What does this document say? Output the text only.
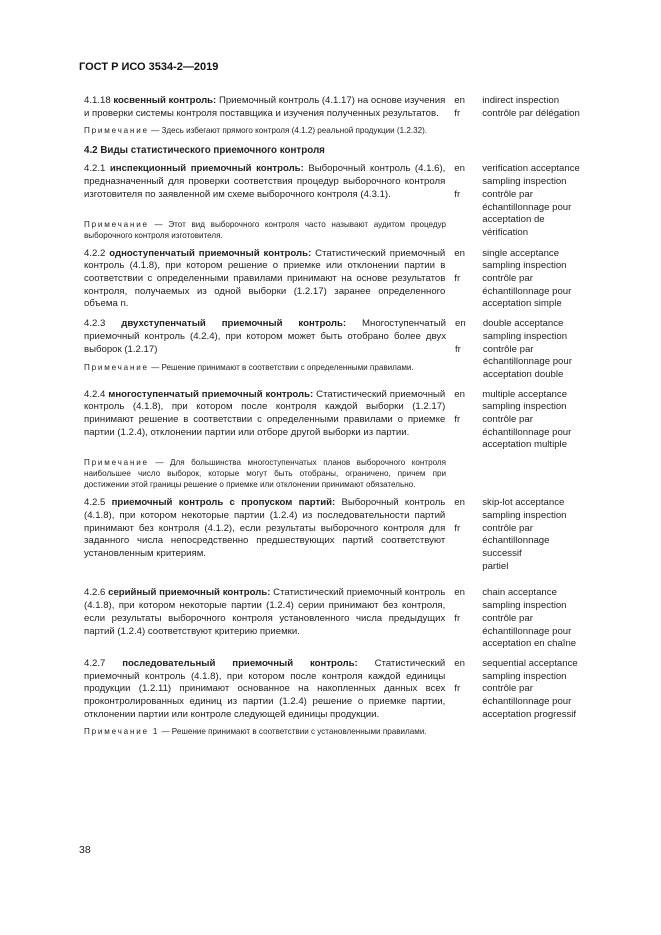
ГОСТ Р ИСО 3534-2—2019
4.1.18 косвенный контроль: Приемочный контроль (4.1.17) на основе изучения и проверки системы контроля поставщика и изучения полученных результатов.
en
fr
indirect inspection
contrôle par délégation
Примечание — Здесь избегают прямого контроля (4.1.2) реальной продукции (1.2.32).
4.2 Виды статистического приемочного контроля
4.2.1 инспекционный приемочный контроль: Выборочный контроль (4.1.6), предназначенный для проверки соответствия процедур выборочного контроля изготовителя по заявленной им схеме выборочного контроля (4.3.1).
en

fr
verification acceptance
sampling inspection
contrôle par
échantillonnage pour
acceptation de
vérification
Примечание — Этот вид выборочного контроля часто называют аудитом процедур выборочного контроля изготовителя.
4.2.2 одноступенчатый приемочный контроль: Статистический приемочный контроль (4.1.8), при котором решение о приемке или отклонении партии в соответствии с определенными правилами принимают на основе результатов контроля, получаемых из одной выборки (1.2.17) заранее определенного объема n.
en

fr
single acceptance
sampling inspection
contrôle par
échantillonnage pour
acceptation simple
4.2.3 двухступенчатый приемочный контроль: Многоступенчатый приемочный контроль (4.2.4), при котором может быть отобрано более двух выборок (1.2.17)
Примечание — Решение принимают в соответствии с определенными правилами.
en

fr
double acceptance
sampling inspection
contrôle par
échantillonnage pour
acceptation double
4.2.4 многоступенчатый приемочный контроль: Статистический приемочный контроль (4.1.8), при котором после контроля каждой выборки (1.2.17) принимают решение в соответствии с определенными правилами о приемке партии (1.2.4), отклонении партии или отборе другой выборки из партии.
en

fr
multiple acceptance
sampling inspection
contrôle par
échantillonnage pour
acceptation multiple
Примечание — Для большинства многоступенчатых планов выборочного контроля наибольшее число выборок, которые могут быть отобраны, ограничено, причем при достижении этой границы решение о приемке или отклонении принимают обязательно.
4.2.5 приемочный контроль с пропуском партий: Выборочный контроль (4.1.8), при котором некоторые партии (1.2.4) из последовательности партий принимают без контроля (4.1.2), если результаты выборочного контроля для заданного числа непосредственно предшествующих партий соответствуют установленным критериям.
en

fr
skip-lot acceptance
sampling inspection
contrôle par
échantillonnage
successif
partiel
4.2.6 серийный приемочный контроль: Статистический приемочный контроль (4.1.8), при котором некоторые партии (1.2.4) серии принимают без контроля, если результаты выборочного контроля установленного числа предыдущих партий (1.2.4) соответствуют критерию приемки.
en

fr
chain acceptance
sampling inspection
contrôle par
échantillonnage pour
acceptation en chaîne
4.2.7 последовательный приемочный контроль: Статистический приемочный контроль (4.1.8), при котором после контроля каждой единицы продукции (1.2.11) принимают основанное на накопленных данных всех проконтролированных единиц из партии (1.2.4) решение о приемке партии, отклонении партии или контроле следующей единицы продукции.
en

fr
sequential acceptance
sampling inspection
contrôle par
échantillonnage pour
acceptation progressif
Примечание 1 — Решение принимают в соответствии с установленными правилами.
38
